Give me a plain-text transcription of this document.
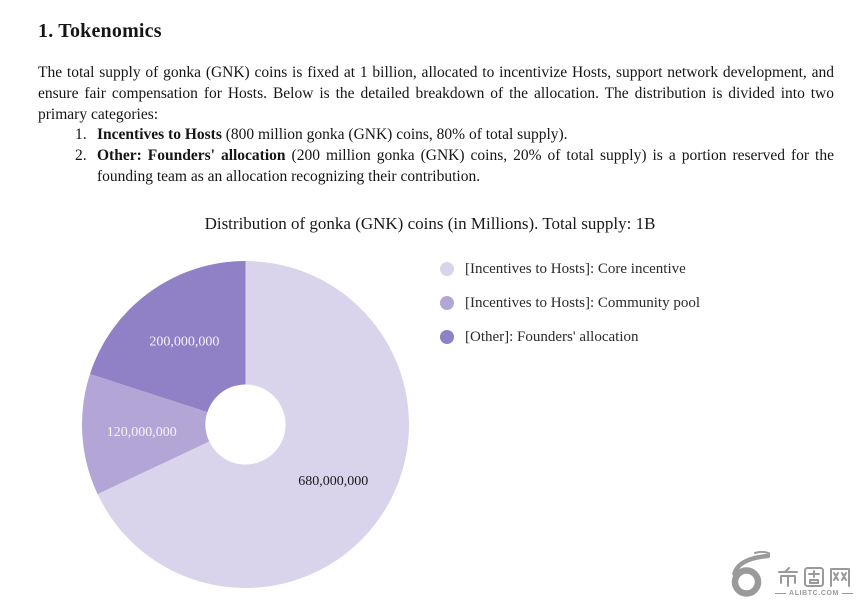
1. Tokenomics

The total supply of gonka (GNK) coins is fixed at 1 billion, allocated to incentivize Hosts, support network development, and ensure fair compensation for Hosts. Below is the detailed breakdown of the allocation. The distribution is divided into two primary categories:

1. Incentives to Hosts (800 million gonka (GNK) coins, 80% of total supply).
2. Other: Founders' allocation (200 million gonka (GNK) coins, 20% of total supply) is a portion reserved for the founding team as an allocation recognizing their contribution.
Distribution of gonka (GNK) coins (in Millions). Total supply: 1B
680,000,000
120,000,000
200,000,000
[Incentives to Hosts]: Core incentive
[Incentives to Hosts]: Community pool
[Other]: Founders' allocation
ALIBTC.COM
